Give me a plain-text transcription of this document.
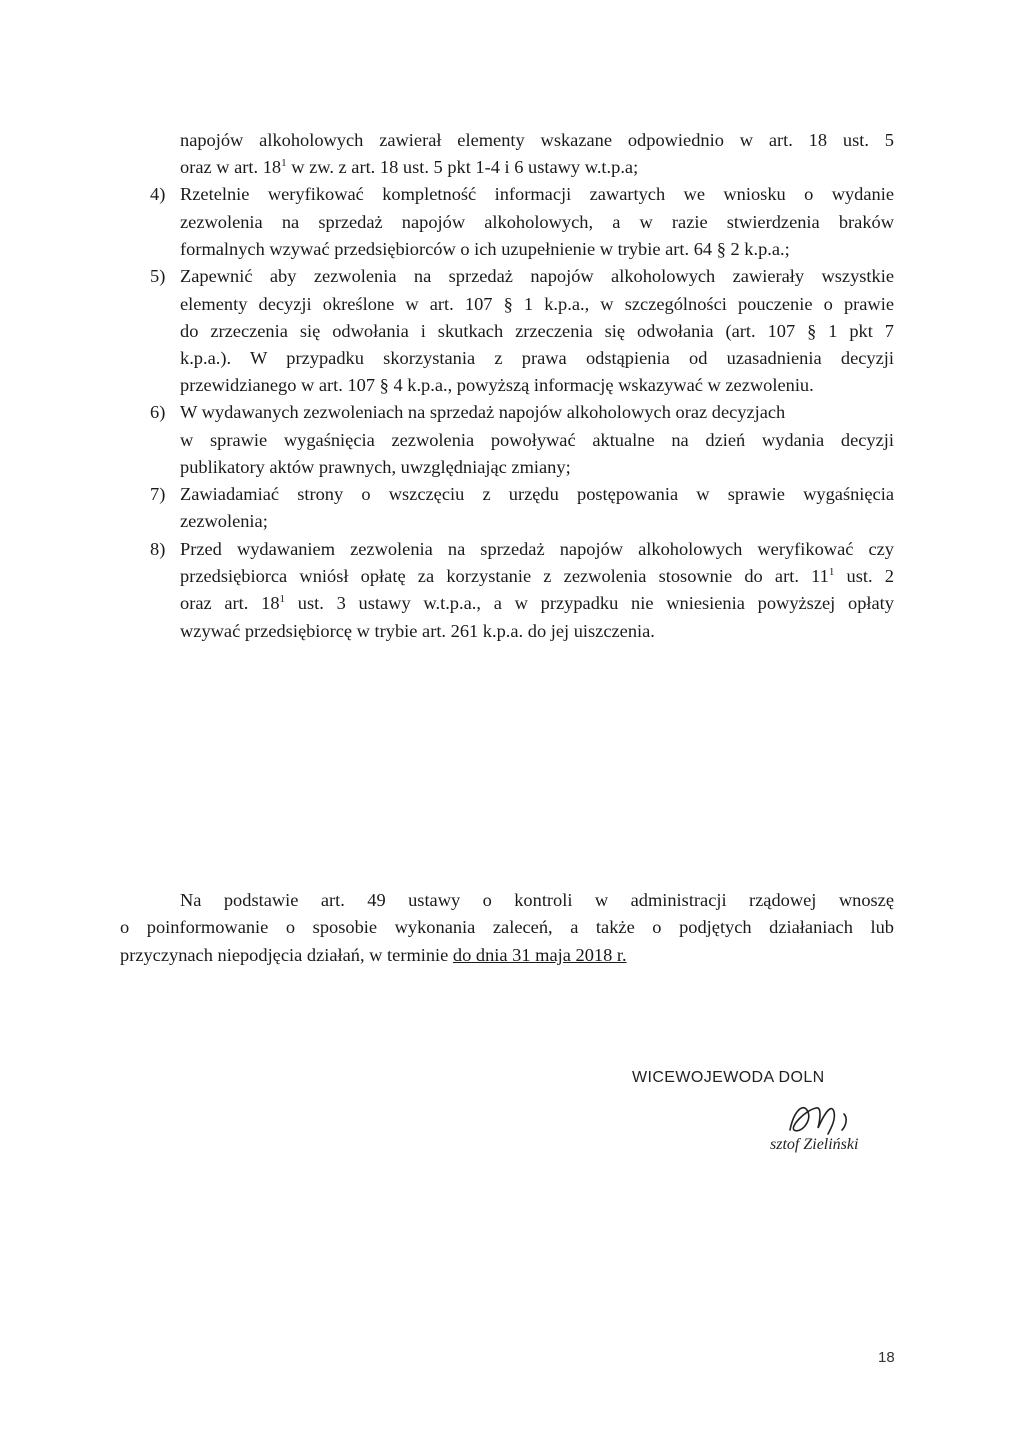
napojów alkoholowych zawierał elementy wskazane odpowiednio w art. 18 ust. 5
oraz w art. $18^1$ w zw. z art. 18 ust. 5 pkt 1-4 i 6 ustawy w.t.p.a;
4) Rzetelnie weryfikować kompletność informacji zawartych we wniosku o wydanie
zezwolenia na sprzedaż napojów alkoholowych, a w razie stwierdzenia braków
formalnych wzywać przedsiębiorców o ich uzupełnienie w trybie art. 64 § 2 k.p.a.;
5) Zapewnić aby zezwolenia na sprzedaż napojów alkoholowych zawierały wszystkie
elementy decyzji określone w art. 107 § 1 k.p.a., w szczególności pouczenie o prawie
do zrzeczenia się odwołania i skutkach zrzeczenia się odwołania (art. 107 § 1 pkt 7
k.p.a.). W przypadku skorzystania z prawa odstąpienia od uzasadnienia decyzji
przewidzianego w art. 107 § 4 k.p.a., powyższą informację wskazywać w zezwoleniu.
6) W wydawanych zezwoleniach na sprzedaż napojów alkoholowych oraz decyzjach
w sprawie wygaśnięcia zezwolenia powoływać aktualne na dzień wydania decyzji
publikatory aktów prawnych, uwzględniając zmiany;
7) Zawiadamiać strony o wszczęciu z urzędu postępowania w sprawie wygaśnięcia
zezwolenia;
8) Przed wydawaniem zezwolenia na sprzedaż napojów alkoholowych weryfikować czy
przedsiębiorca wniósł opłatę za korzystanie z zezwolenia stosownie do art. $11^1$ ust. 2
oraz art. $18^1$ ust. 3 ustawy w.t.p.a., a w przypadku nie wniesienia powyższej opłaty
wzywać przedsiębiorcę w trybie art. 261 k.p.a. do jej uiszczenia.
Na podstawie art. 49 ustawy o kontroli w administracji rządowej wnoszę
o poinformowanie o sposobie wykonania zaleceń, a także o podjętych działaniach lub
przyczynach niepodjęcia działań, w terminie do dnia 31 maja 2018 r.
WICEWOJEWODA DOLN
sztof Zieliński
18
